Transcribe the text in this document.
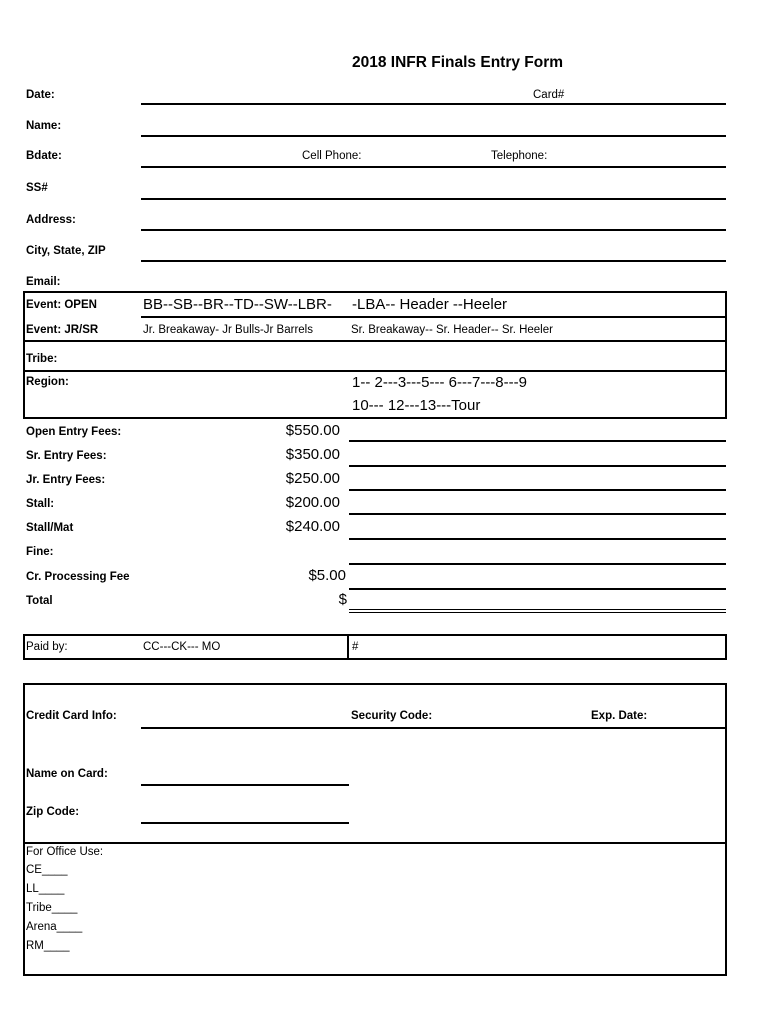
2018 INFR Finals Entry Form
Date:	Card#
Name:
Bdate:	Cell Phone:	Telephone:
SS#
Address:
City, State, ZIP
Email:
Event: OPEN	BB--SB--BR--TD--SW--LBR- -LBA-- Header --Heeler
Event: JR/SR	Jr. Breakaway- Jr Bulls-Jr Barrels	Sr. Breakaway-- Sr. Header-- Sr. Heeler
Tribe:
Region:	1-- 2---3---5--- 6---7---8---9
10--- 12---13---Tour
Open Entry Fees:	$550.00
Sr. Entry Fees:	$350.00
Jr. Entry Fees:	$250.00
Stall:	$200.00
Stall/Mat	$240.00
Fine:
Cr. Processing Fee	$5.00
Total	$
Paid by:	CC---CK--- MO	#
Credit Card Info:	Security Code:	Exp. Date:
Name on Card:
Zip Code:
For Office Use:
CE____
LL____
Tribe____
Arena____
RM____
